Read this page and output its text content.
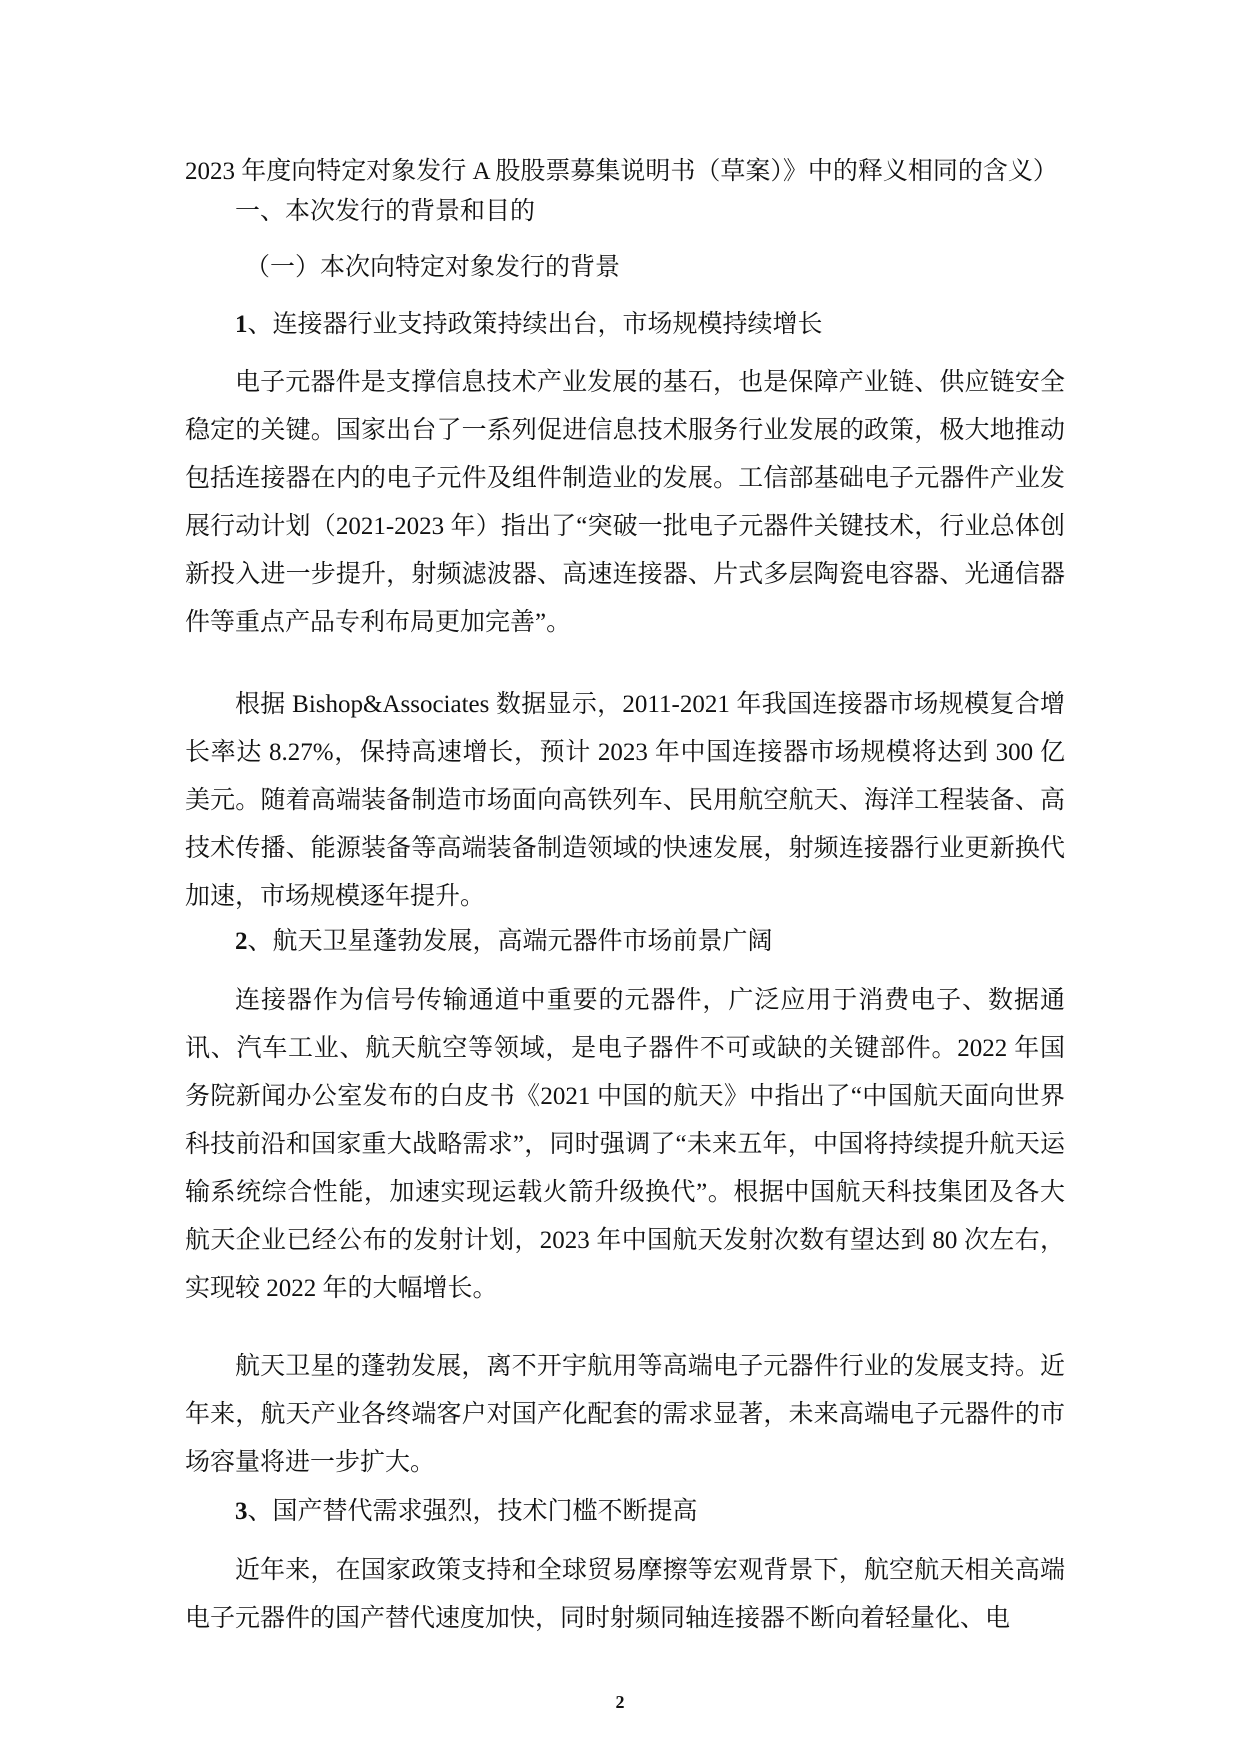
2023 年度向特定对象发行 A 股股票募集说明书（草案）》中的释义相同的含义）
一、本次发行的背景和目的
（一）本次向特定对象发行的背景
1、连接器行业支持政策持续出台，市场规模持续增长
电子元器件是支撑信息技术产业发展的基石，也是保障产业链、供应链安全稳定的关键。国家出台了一系列促进信息技术服务行业发展的政策，极大地推动包括连接器在内的电子元件及组件制造业的发展。工信部基础电子元器件产业发展行动计划（2021-2023 年）指出了“突破一批电子元器件关键技术，行业总体创新投入进一步提升，射频滤波器、高速连接器、片式多层陶瓷电容器、光通信器件等重点产品专利布局更加完善”。
根据 Bishop&Associates 数据显示，2011-2021 年我国连接器市场规模复合增长率达 8.27%，保持高速增长，预计 2023 年中国连接器市场规模将达到 300 亿美元。随着高端装备制造市场面向高铁列车、民用航空航天、海洋工程装备、高技术传播、能源装备等高端装备制造领域的快速发展，射频连接器行业更新换代加速，市场规模逐年提升。
2、航天卫星蓬勃发展，高端元器件市场前景广阔
连接器作为信号传输通道中重要的元器件，广泛应用于消费电子、数据通讯、汽车工业、航天航空等领域，是电子器件不可或缺的关键部件。2022 年国务院新闻办公室发布的白皮书《2021 中国的航天》中指出了“中国航天面向世界科技前沿和国家重大战略需求”，同时强调了“未来五年，中国将持续提升航天运输系统综合性能，加速实现运载火箭升级换代”。根据中国航天科技集团及各大航天企业已经公布的发射计划，2023 年中国航天发射次数有望达到 80 次左右，实现较 2022 年的大幅增长。
航天卫星的蓬勃发展，离不开宇航用等高端电子元器件行业的发展支持。近年来，航天产业各终端客户对国产化配套的需求显著，未来高端电子元器件的市场容量将进一步扩大。
3、国产替代需求强烈，技术门槛不断提高
近年来，在国家政策支持和全球贸易摩擦等宏观背景下，航空航天相关高端电子元器件的国产替代速度加快，同时射频同轴连接器不断向着轻量化、电
2
